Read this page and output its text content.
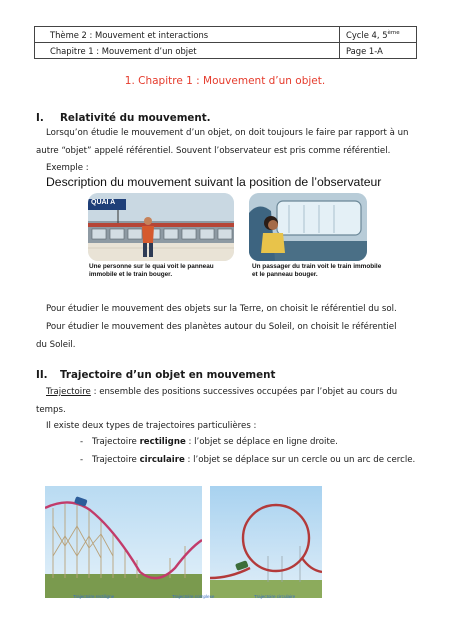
Thème 2 : Mouvement et interactions	Cycle 4, 5ème
Chapitre 1 : Mouvement d’un objet	Page 1-A
1. Chapitre 1 : Mouvement d’un objet.
I. Relativité du mouvement.
Lorsqu’on étudie le mouvement d’un objet, on doit toujours le faire par rapport à un
autre “objet” appelé référentiel. Souvent l’observateur est pris comme référentiel.
Exemple :
Description du mouvement suivant la position de l’observateur
QUAI A
Une personne sur le quai voit le panneau
immobile et le train bouger.
Un passager du train voit le train immobile
et le panneau bouger.
Pour étudier le mouvement des objets sur la Terre, on choisit le référentiel du sol.
Pour étudier le mouvement des planètes autour du Soleil, on choisit le référentiel
du Soleil.
II. Trajectoire d’un objet en mouvement
Trajectoire : ensemble des positions successives occupées par l’objet au cours du
temps.
Il existe deux types de trajectoires particulières :
- Trajectoire rectiligne : l’objet se déplace en ligne droite.
- Trajectoire circulaire : l’objet se déplace sur un cercle ou un arc de cercle.
Trajectoire rectiligne	Trajectoire complexe	Trajectoire circulaire
